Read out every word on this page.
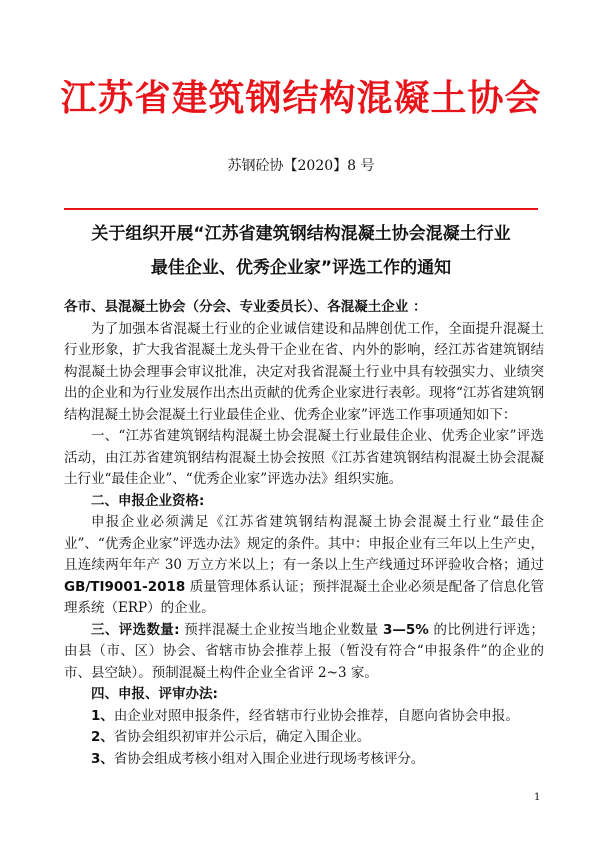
江苏省建筑钢结构混凝土协会

苏钢砼协【2020】8 号

关于组织开展“江苏省建筑钢结构混凝土协会混凝土行业
最佳企业、优秀企业家”评选工作的通知

各市、县混凝土协会（分会、专业委员长）、各混凝土企业 ：

为了加强本省混凝土行业的企业诚信建设和品牌创优工作，全面提升混凝土行业形象，扩大我省混凝土龙头骨干企业在省、内外的影响，经江苏省建筑钢结构混凝土协会理事会审议批准，决定对我省混凝土行业中具有较强实力、业绩突出的企业和为行业发展作出杰出贡献的优秀企业家进行表彰。现将“江苏省建筑钢结构混凝土协会混凝土行业最佳企业、优秀企业家”评选工作事项通知如下：

一、“江苏省建筑钢结构混凝土协会混凝土行业最佳企业、优秀企业家”评选活动，由江苏省建筑钢结构混凝土协会按照《江苏省建筑钢结构混凝土协会混凝土行业“最佳企业”、“优秀企业家”评选办法》组织实施。

二、申报企业资格:

申报企业必须满足《江苏省建筑钢结构混凝土协会混凝土行业“最佳企业”、“优秀企业家”评选办法》规定的条件。其中：申报企业有三年以上生产史，且连续两年年产 30 万立方米以上；有一条以上生产线通过环评验收合格；通过 GB/TI9001-2018 质量管理体系认证；预拌混凝土企业必须是配备了信息化管理系统（ERP）的企业。

三、评选数量: 预拌混凝土企业按当地企业数量 3—5% 的比例进行评选；由县（市、区）协会、省辖市协会推荐上报（暂没有符合“申报条件”的企业的市、县空缺）。预制混凝土构件企业全省评 2~3 家。

四、申报、评审办法:

1、由企业对照申报条件，经省辖市行业协会推荐，自愿向省协会申报。

2、省协会组织初审并公示后，确定入围企业。

3、省协会组成考核小组对入围企业进行现场考核评分。

1
